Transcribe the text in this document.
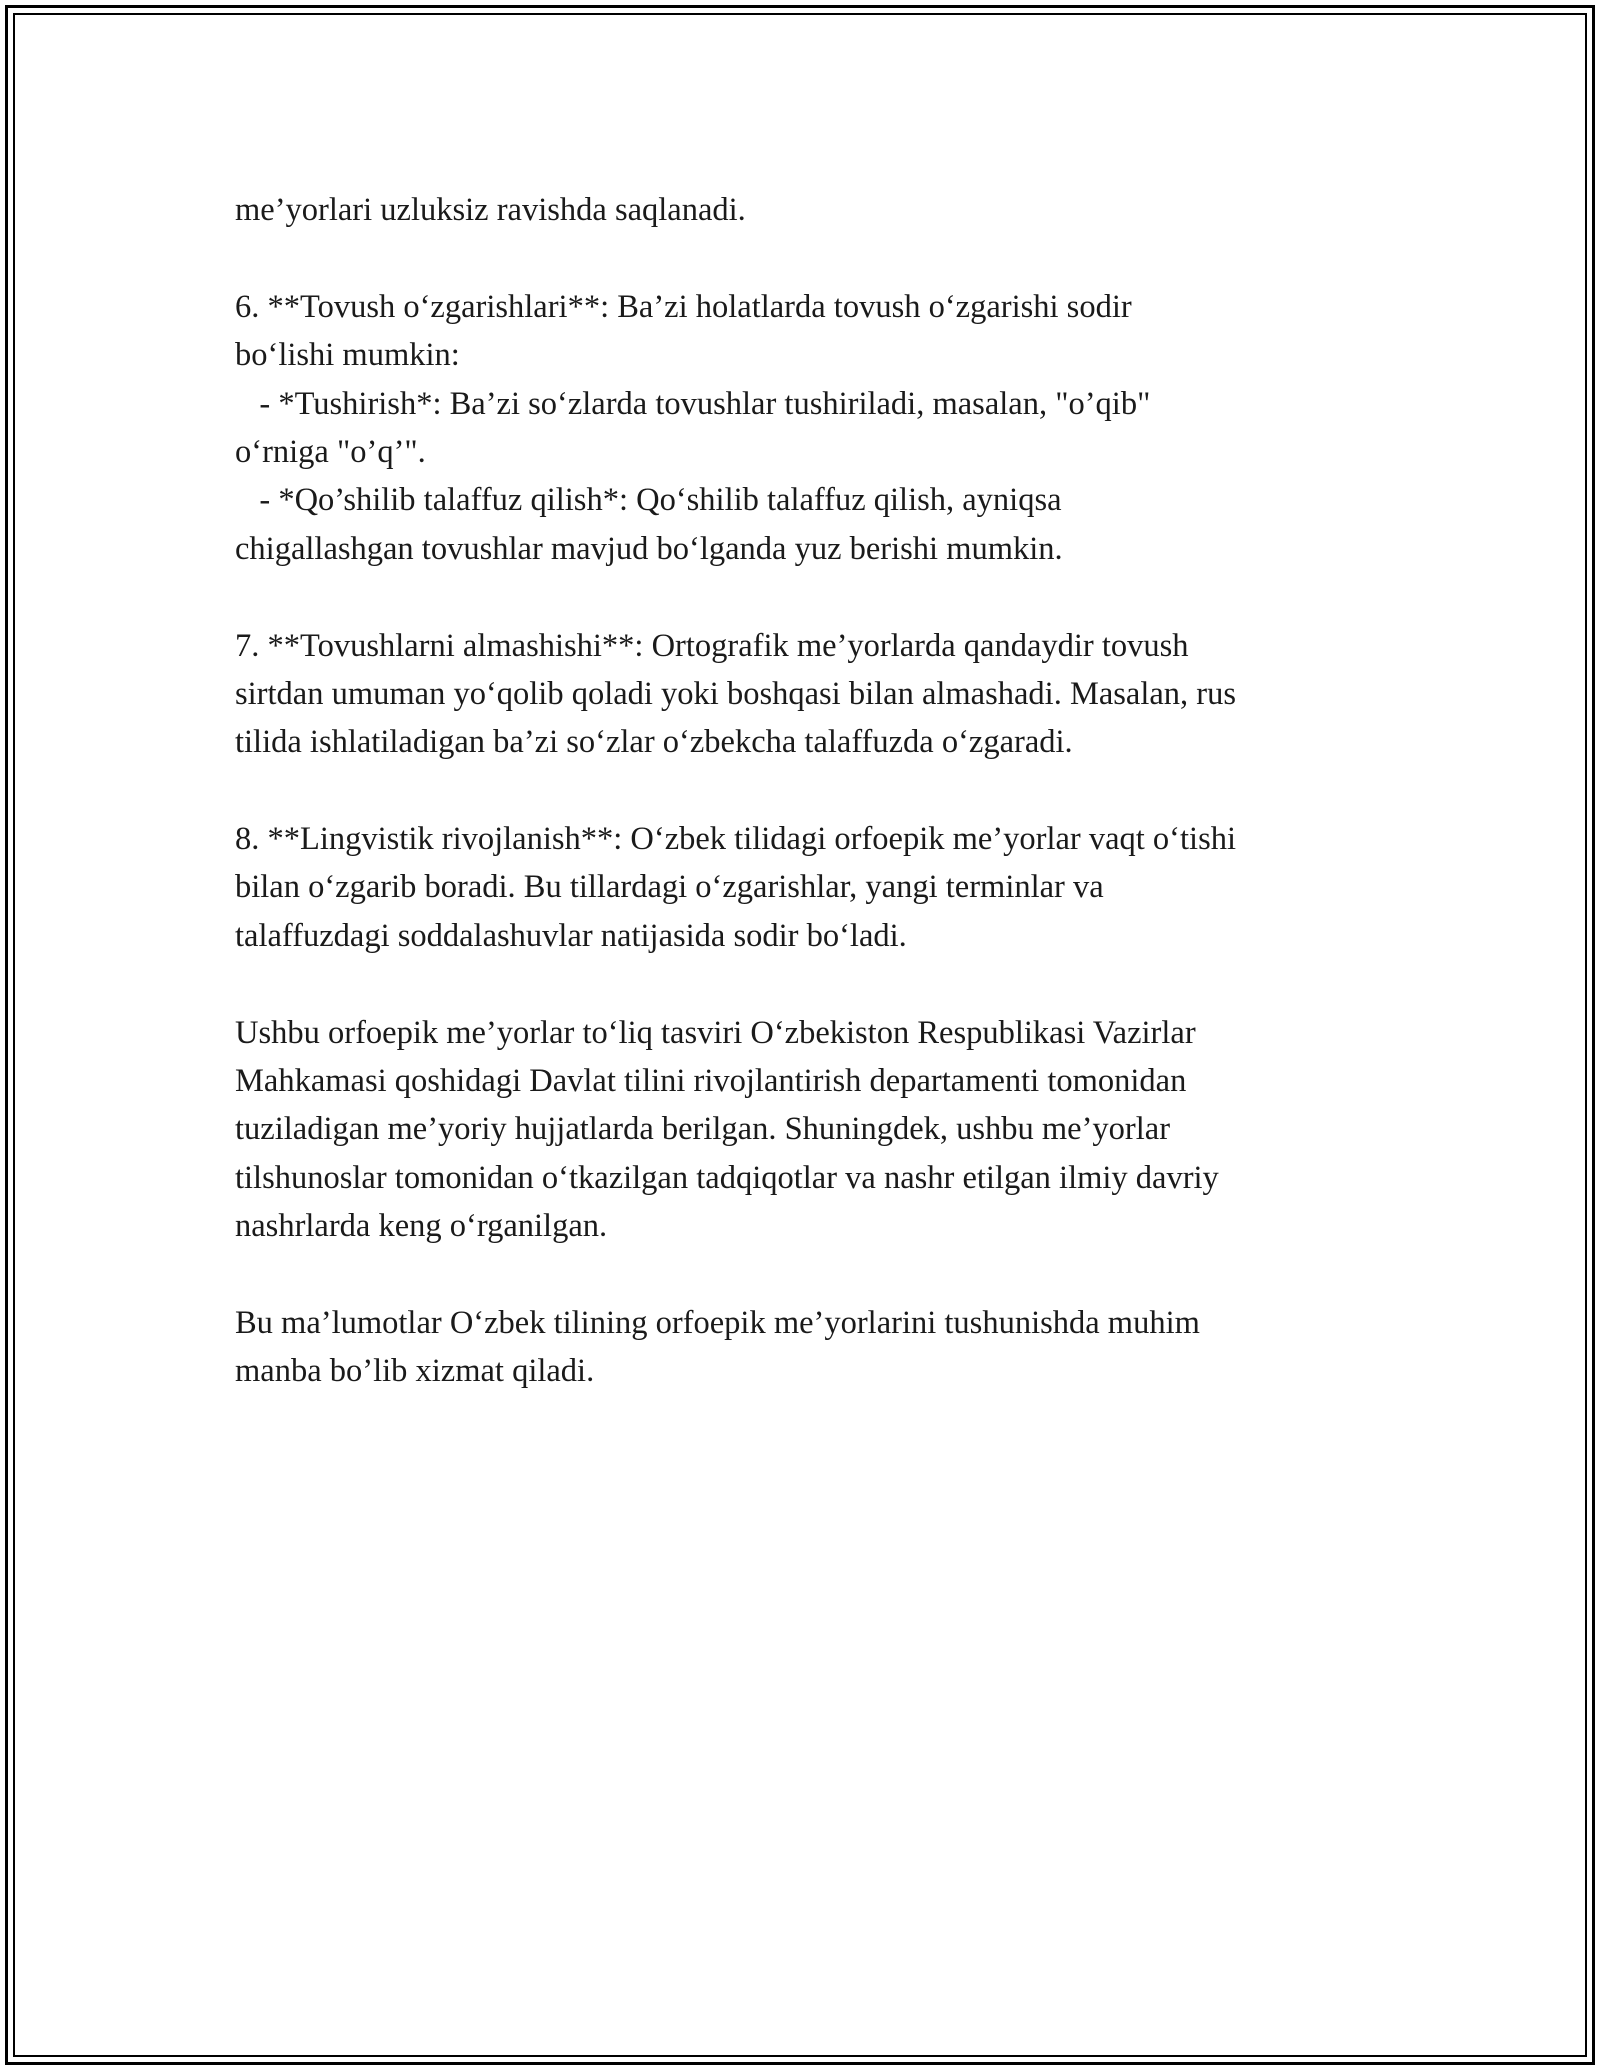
me’yorlari uzluksiz ravishda saqlanadi.
6. **Tovush o‘zgarishlari**: Ba’zi holatlarda tovush o‘zgarishi sodir
bo‘lishi mumkin:
- *Tushirish*: Ba’zi so‘zlarda tovushlar tushiriladi, masalan, "o’qib"
o‘rniga "o’q’".
- *Qo’shilib talaffuz qilish*: Qo‘shilib talaffuz qilish, ayniqsa
chigallashgan tovushlar mavjud bo‘lganda yuz berishi mumkin.
7. **Tovushlarni almashishi**: Ortografik me’yorlarda qandaydir tovush
sirtdan umuman yo‘qolib qoladi yoki boshqasi bilan almashadi. Masalan, rus
tilida ishlatiladigan ba’zi so‘zlar o‘zbekcha talaffuzda o‘zgaradi.
8. **Lingvistik rivojlanish**: O‘zbek tilidagi orfoepik me’yorlar vaqt o‘tishi
bilan o‘zgarib boradi. Bu tillardagi o‘zgarishlar, yangi terminlar va
talaffuzdagi soddalashuvlar natijasida sodir bo‘ladi.
Ushbu orfoepik me’yorlar to‘liq tasviri O‘zbekiston Respublikasi Vazirlar
Mahkamasi qoshidagi Davlat tilini rivojlantirish departamenti tomonidan
tuziladigan me’yoriy hujjatlarda berilgan. Shuningdek, ushbu me’yorlar
tilshunoslar tomonidan o‘tkazilgan tadqiqotlar va nashr etilgan ilmiy davriy
nashrlarda keng o‘rganilgan.
Bu ma’lumotlar O‘zbek tilining orfoepik me’yorlarini tushunishda muhim
manba bo’lib xizmat qiladi.
